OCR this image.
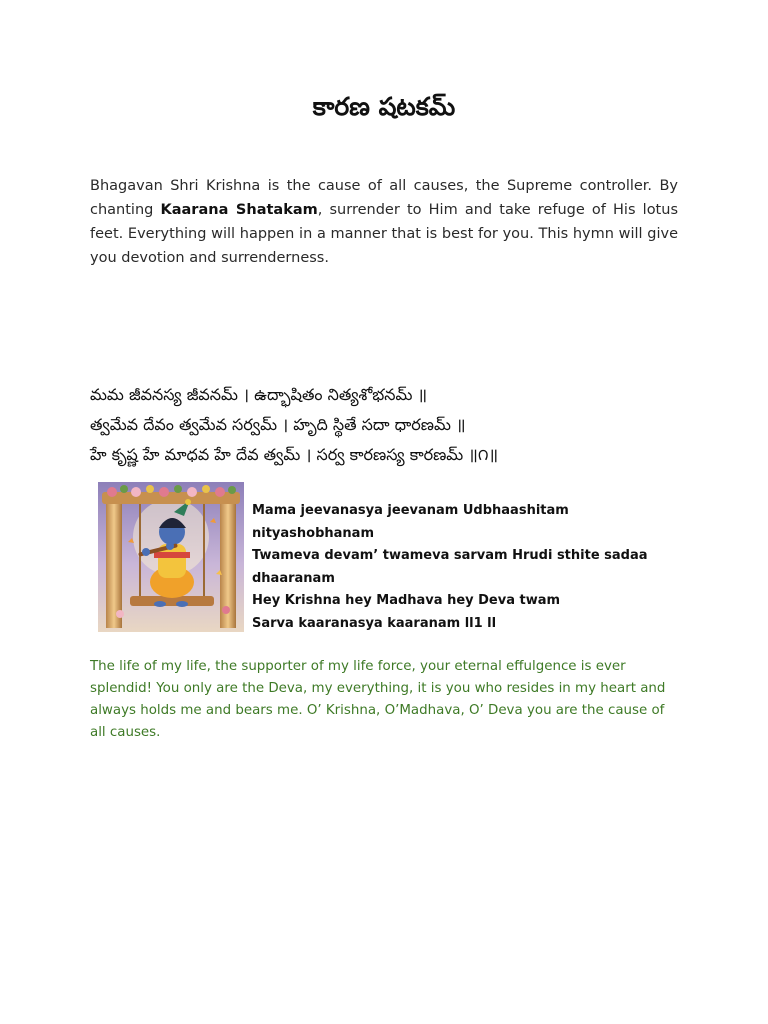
కారణ షటకమ్
Bhagavan Shri Krishna is the cause of all causes, the Supreme controller. By chanting Kaarana Shatakam, surrender to Him and take refuge of His lotus feet. Everything will happen in a manner that is best for you. This hymn will give you devotion and surrenderness.
మమ జీవనస్య జీవనమ్ । ఉద్భాషితం నిత్యశోభనమ్ ॥
త్వమేవ దేవం త్వమేవ సర్వమ్ । హృది స్థితే సదా ధారణమ్ ॥
హే కృష్ణ హే మాధవ హే దేవ త్వమ్ । సర్వ కారణస్య కారణమ్ ॥౧॥
Mama jeevanasya jeevanam Udbhaashitam nityashobhanam
Twameva devam’ twameva sarvam Hrudi sthite sadaa dhaaranam
Hey Krishna hey Madhava hey Deva twam
Sarva kaaranasya kaaranam ll1 ll
The life of my life, the supporter of my life force, your eternal effulgence is ever splendid! You only are the Deva, my everything, it is you who resides in my heart and always holds me and bears me. O’ Krishna, O’Madhava, O’ Deva you are the cause of all causes.
